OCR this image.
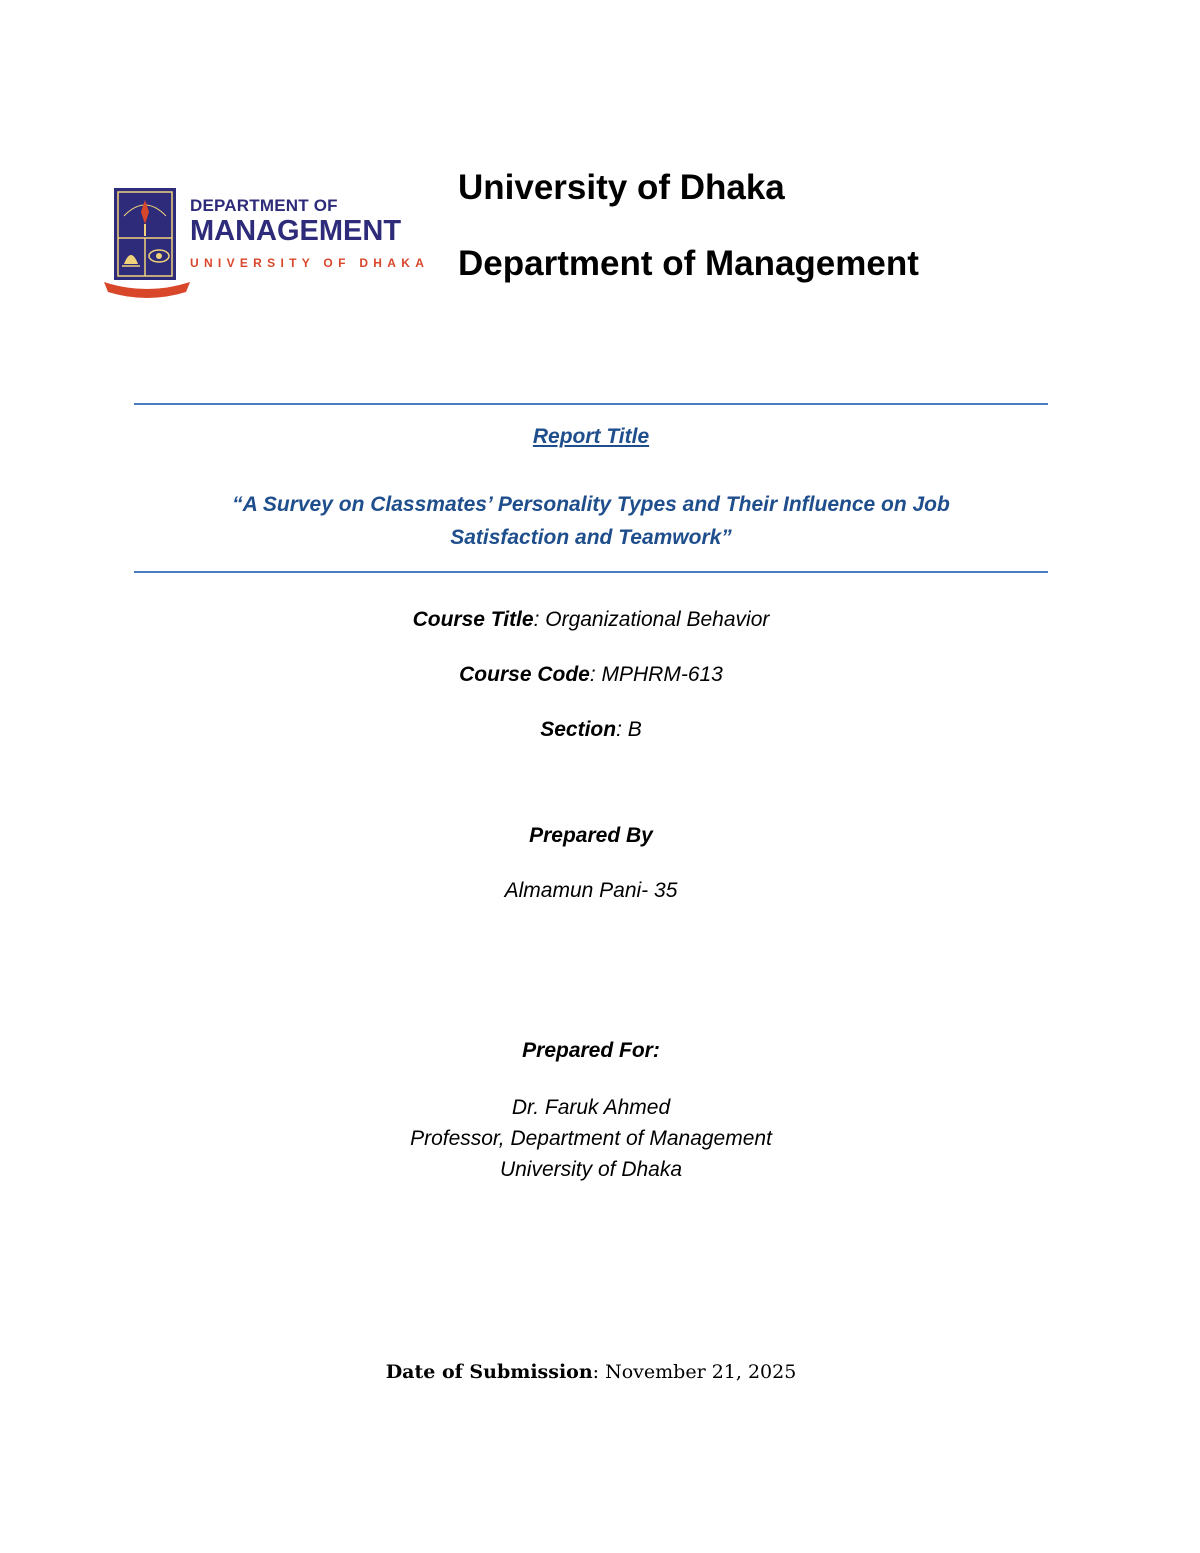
DEPARTMENT OF
MANAGEMENT
UNIVERSITY OF DHAKA
University of Dhaka
Department of Management
Report Title
“A Survey on Classmates’ Personality Types and Their Influence on Job
Satisfaction and Teamwork”
Course Title: Organizational Behavior
Course Code: MPHRM-613
Section: B
Prepared By
Almamun Pani- 35
Prepared For:
Dr. Faruk Ahmed
Professor, Department of Management
University of Dhaka
Date of Submission: November 21, 2025
